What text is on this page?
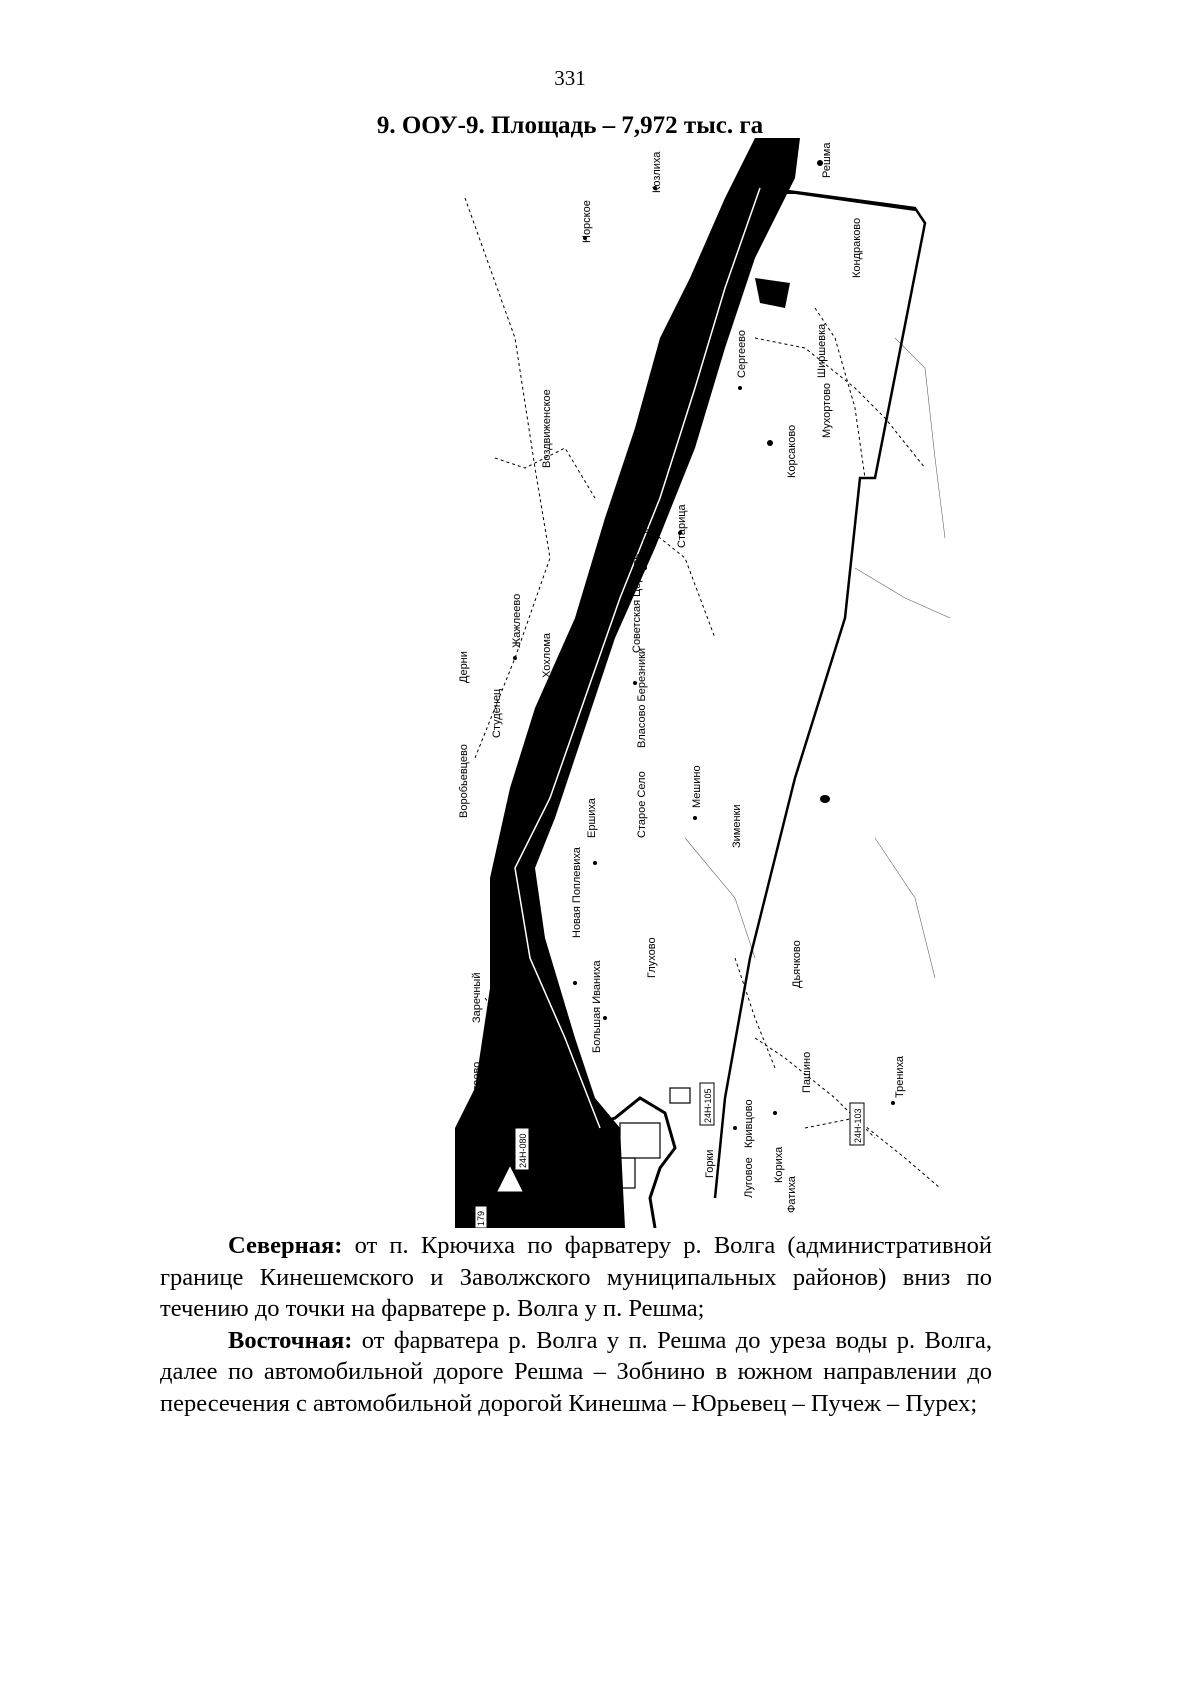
331
9. ООУ-9. Площадь – 7,972 тыс. га
Решма
Козлиха
Норское
Воздвиженское
Сергеево
Кондраково
Ширшевка
Мухортово
Корсаково
Старица
Мыс
Советская Церковь
Власово Березники
Хохлома
Жажлеево
Дерни
Студенец
Воробьевцево
Ершиха	Старое Село	Мешино
Зименки
Новая Поплевиха
Глухово
Большая Иваниха
Заречный
Мартьяниха
Чегаево
Широких
Коротиха	Горки Луговое
Кривцово
Фатиха
Кориха
Трениха
Пашино
Дьячково
24Н-080
24Н-105
24Н-103
179

Северная: от п. Крючиха по фарватеру р. Волга (административной границе Кинешемского и Заволжского муниципальных районов) вниз по течению до точки на фарватере р. Волга у п. Решма;

Восточная: от фарватера р. Волга у п. Решма до уреза воды р. Волга, далее по автомобильной дороге Решма – Зобнино в южном направлении до пересечения с автомобильной дорогой Кинешма – Юрьевец – Пучеж – Пурех;
